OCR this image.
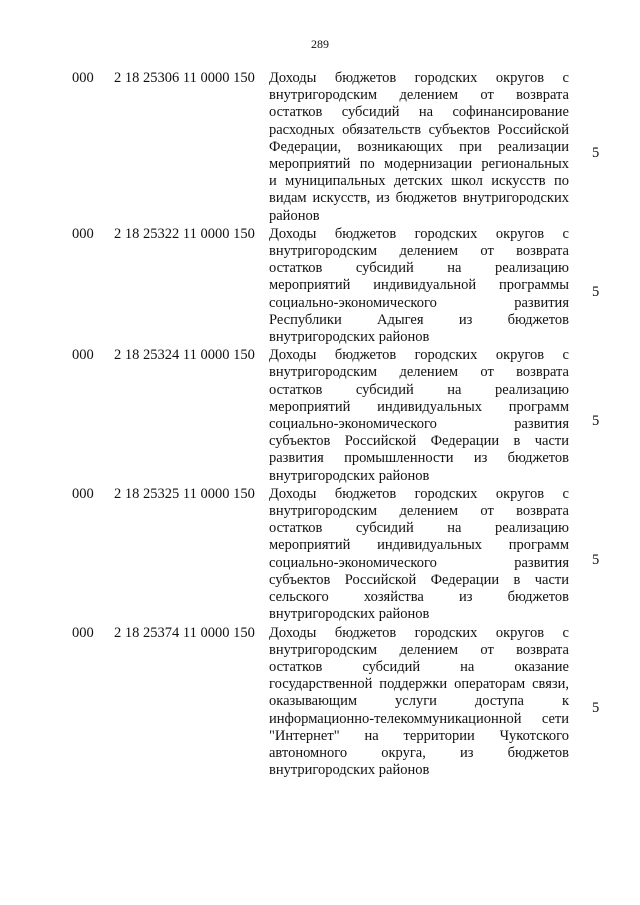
289
000	2 18 25306 11 0000 150 Доходы бюджетов городских округов с
внутригородским делением от возврата
остатков субсидий на софинансирование
расходных обязательств субъектов Российской
Федерации, возникающих при реализации
мероприятий по модернизации региональных
и муниципальных детских школ искусств по
видам искусств, из бюджетов внутригородских
районов
5
000	2 18 25322 11 0000 150 Доходы бюджетов городских округов с
внутригородским делением от возврата
остатков субсидий на реализацию
мероприятий индивидуальной программы
социально-экономического развития
Республики Адыгея из бюджетов
внутригородских районов
5
000	2 18 25324 11 0000 150 Доходы бюджетов городских округов с
внутригородским делением от возврата
остатков субсидий на реализацию
мероприятий индивидуальных программ
социально-экономического развития
субъектов Российской Федерации в части
развития промышленности из бюджетов
внутригородских районов
5
000	2 18 25325 11 0000 150 Доходы бюджетов городских округов с
внутригородским делением от возврата
остатков субсидий на реализацию
мероприятий индивидуальных программ
социально-экономического развития
субъектов Российской Федерации в части
сельского хозяйства из бюджетов
внутригородских районов
5
000	2 18 25374 11 0000 150 Доходы бюджетов городских округов с
внутригородским делением от возврата
остатков субсидий на оказание
государственной поддержки операторам связи,
оказывающим услуги доступа к
информационно-телекоммуникационной сети
"Интернет" на территории Чукотского
автономного округа, из бюджетов
внутригородских районов
5
